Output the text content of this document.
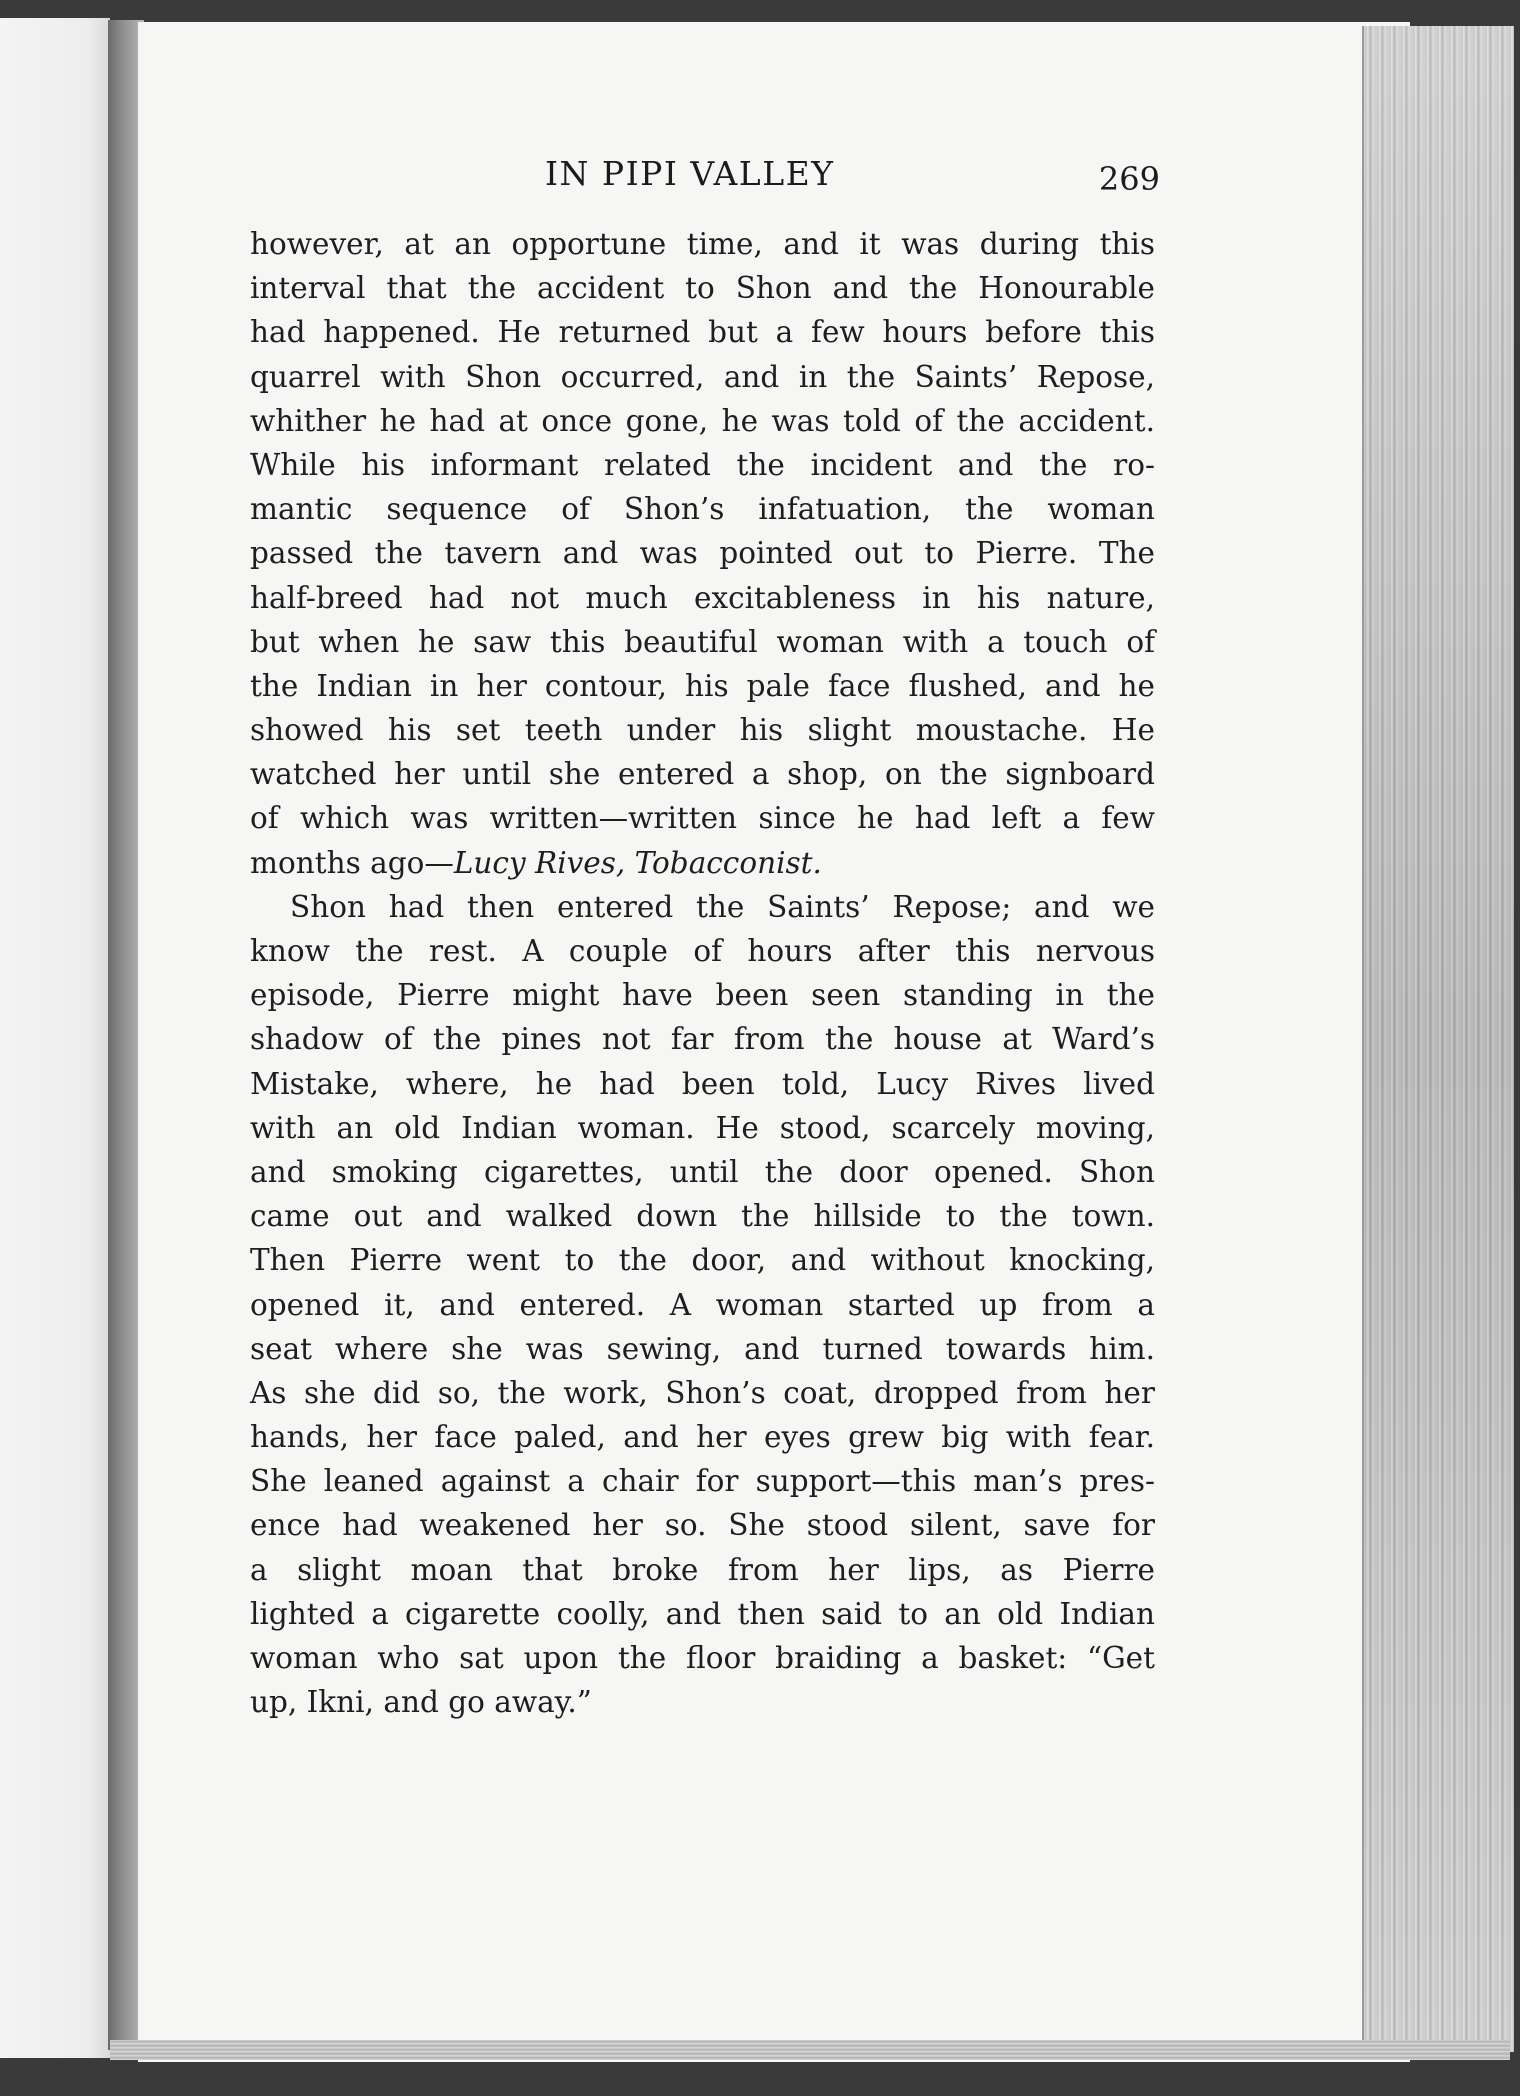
IN PIPI VALLEY	269
however, at an opportune time, and it was during this
interval that the accident to Shon and the Honourable
had happened. He returned but a few hours before this
quarrel with Shon occurred, and in the Saints’ Repose,
whither he had at once gone, he was told of the accident.
While his informant related the incident and the ro-
mantic sequence of Shon’s infatuation, the woman
passed the tavern and was pointed out to Pierre. The
half-breed had not much excitableness in his nature,
but when he saw this beautiful woman with a touch of
the Indian in her contour, his pale face flushed, and he
showed his set teeth under his slight moustache. He
watched her until she entered a shop, on the signboard
of which was written—written since he had left a few
months ago—Lucy Rives, Tobacconist.
Shon had then entered the Saints’ Repose; and we
know the rest. A couple of hours after this nervous
episode, Pierre might have been seen standing in the
shadow of the pines not far from the house at Ward’s
Mistake, where, he had been told, Lucy Rives lived
with an old Indian woman. He stood, scarcely moving,
and smoking cigarettes, until the door opened. Shon
came out and walked down the hillside to the town.
Then Pierre went to the door, and without knocking,
opened it, and entered. A woman started up from a
seat where she was sewing, and turned towards him.
As she did so, the work, Shon’s coat, dropped from her
hands, her face paled, and her eyes grew big with fear.
She leaned against a chair for support—this man’s pres-
ence had weakened her so. She stood silent, save for
a slight moan that broke from her lips, as Pierre
lighted a cigarette coolly, and then said to an old Indian
woman who sat upon the floor braiding a basket: “Get
up, Ikni, and go away.”
